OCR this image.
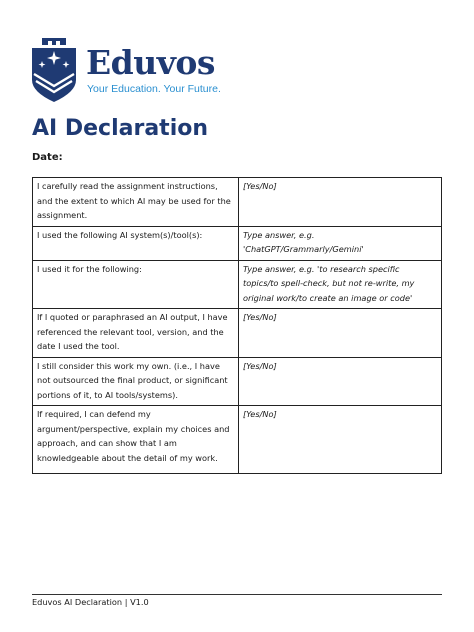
Eduvos
Your Education. Your Future.
AI Declaration
Date:
I carefully read the assignment instructions, and the extent to which AI may be used for the assignment.	[Yes/No]
I used the following AI system(s)/tool(s):	Type answer, e.g. 'ChatGPT/Grammarly/Gemini'
I used it for the following:	Type answer, e.g. 'to research specific topics/to spell-check, but not re-write, my original work/to create an image or code'
If I quoted or paraphrased an AI output, I have referenced the relevant tool, version, and the date I used the tool.	[Yes/No]
I still consider this work my own. (i.e., I have not outsourced the final product, or significant portions of it, to AI tools/systems).	[Yes/No]
If required, I can defend my argument/perspective, explain my choices and approach, and can show that I am knowledgeable about the detail of my work.	[Yes/No]
Eduvos AI Declaration | V1.0
